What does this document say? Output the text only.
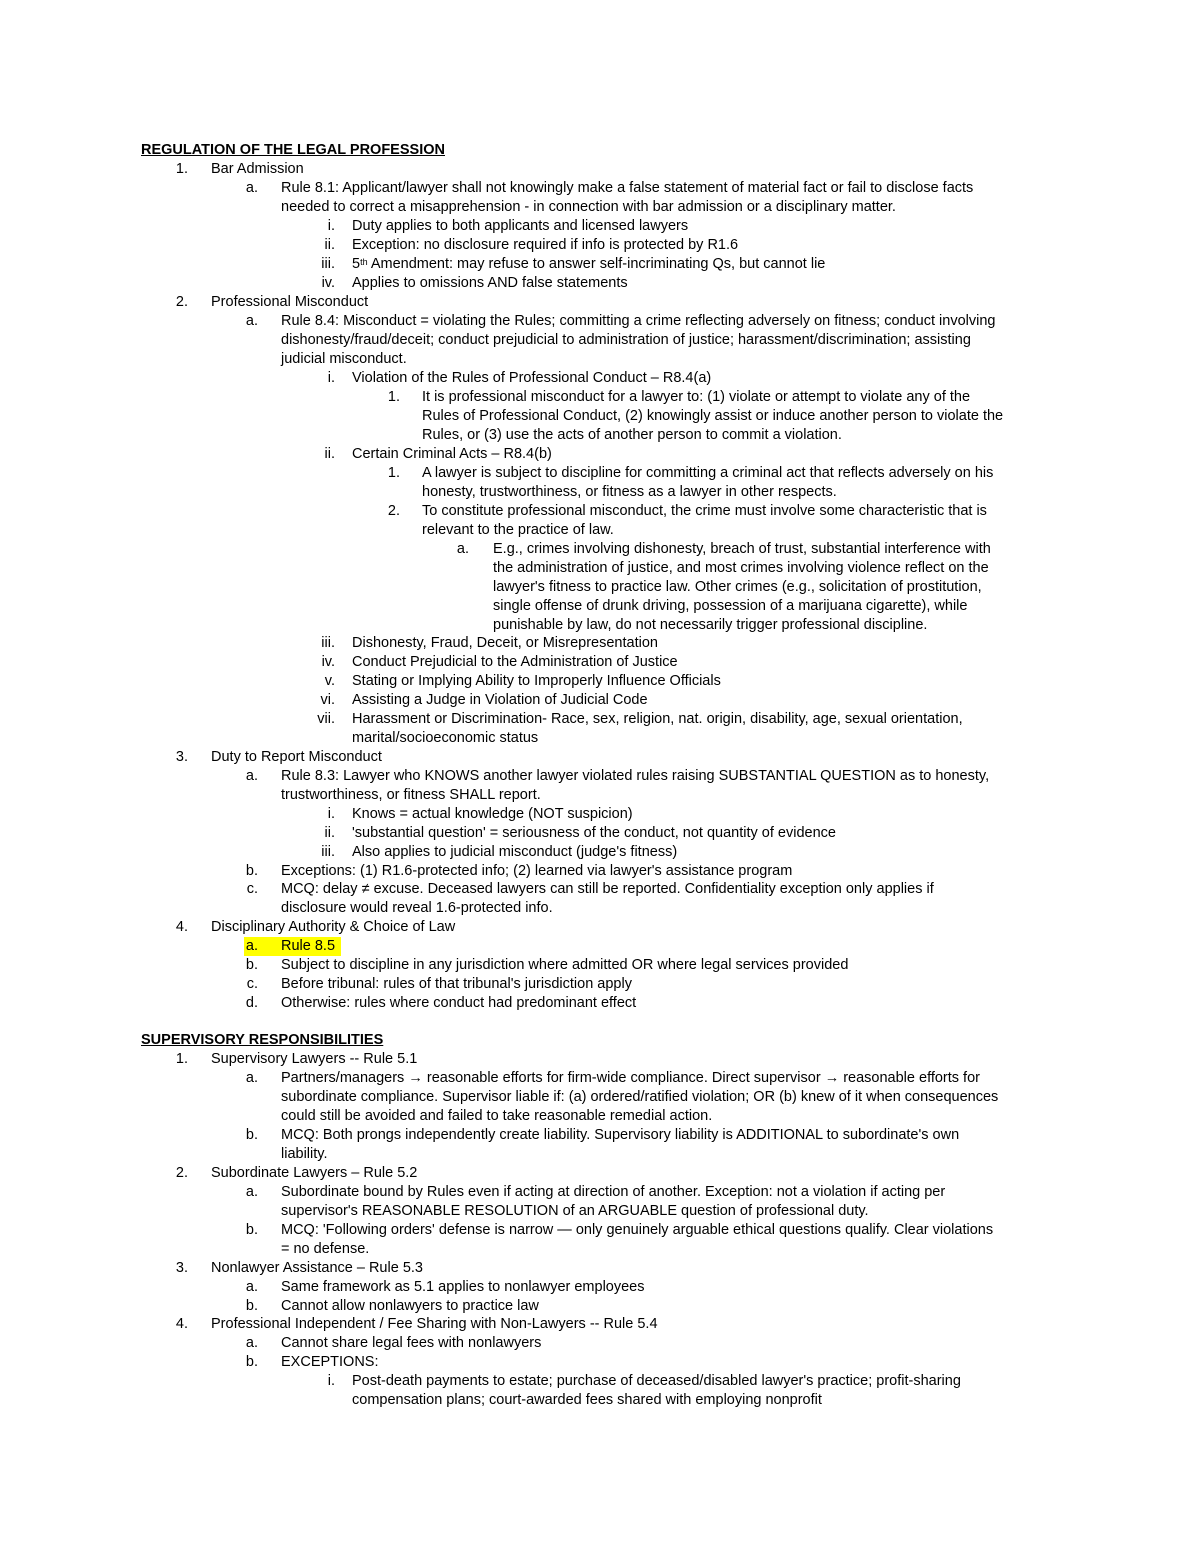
REGULATION OF THE LEGAL PROFESSION
1. Bar Admission
a. Rule 8.1: Applicant/lawyer shall not knowingly make a false statement of material fact or fail to disclose facts
needed to correct a misapprehension - in connection with bar admission or a disciplinary matter.
i. Duty applies to both applicants and licensed lawyers
ii. Exception: no disclosure required if info is protected by R1.6
iii. 5th Amendment: may refuse to answer self-incriminating Qs, but cannot lie
iv. Applies to omissions AND false statements
2. Professional Misconduct
a. Rule 8.4: Misconduct = violating the Rules; committing a crime reflecting adversely on fitness; conduct involving
dishonesty/fraud/deceit; conduct prejudicial to administration of justice; harassment/discrimination; assisting
judicial misconduct.
i. Violation of the Rules of Professional Conduct – R8.4(a)
1. It is professional misconduct for a lawyer to: (1) violate or attempt to violate any of the
Rules of Professional Conduct, (2) knowingly assist or induce another person to violate the
Rules, or (3) use the acts of another person to commit a violation.
ii. Certain Criminal Acts – R8.4(b)
1. A lawyer is subject to discipline for committing a criminal act that reflects adversely on his
honesty, trustworthiness, or fitness as a lawyer in other respects.
2. To constitute professional misconduct, the crime must involve some characteristic that is
relevant to the practice of law.
a. E.g., crimes involving dishonesty, breach of trust, substantial interference with
the administration of justice, and most crimes involving violence reflect on the
lawyer's fitness to practice law. Other crimes (e.g., solicitation of prostitution,
single offense of drunk driving, possession of a marijuana cigarette), while
punishable by law, do not necessarily trigger professional discipline.
iii. Dishonesty, Fraud, Deceit, or Misrepresentation
iv. Conduct Prejudicial to the Administration of Justice
v. Stating or Implying Ability to Improperly Influence Officials
vi. Assisting a Judge in Violation of Judicial Code
vii. Harassment or Discrimination- Race, sex, religion, nat. origin, disability, age, sexual orientation,
marital/socioeconomic status
3. Duty to Report Misconduct
a. Rule 8.3: Lawyer who KNOWS another lawyer violated rules raising SUBSTANTIAL QUESTION as to honesty,
trustworthiness, or fitness SHALL report.
i. Knows = actual knowledge (NOT suspicion)
ii. 'substantial question' = seriousness of the conduct, not quantity of evidence
iii. Also applies to judicial misconduct (judge's fitness)
b. Exceptions: (1) R1.6-protected info; (2) learned via lawyer's assistance program
c. MCQ: delay ≠ excuse. Deceased lawyers can still be reported. Confidentiality exception only applies if
disclosure would reveal 1.6-protected info.
4. Disciplinary Authority & Choice of Law
a. Rule 8.5
b. Subject to discipline in any jurisdiction where admitted OR where legal services provided
c. Before tribunal: rules of that tribunal's jurisdiction apply
d. Otherwise: rules where conduct had predominant effect
SUPERVISORY RESPONSIBILITIES
1. Supervisory Lawyers -- Rule 5.1
a. Partners/managers → reasonable efforts for firm-wide compliance. Direct supervisor → reasonable efforts for
subordinate compliance. Supervisor liable if: (a) ordered/ratified violation; OR (b) knew of it when consequences
could still be avoided and failed to take reasonable remedial action.
b. MCQ: Both prongs independently create liability. Supervisory liability is ADDITIONAL to subordinate's own
liability.
2. Subordinate Lawyers – Rule 5.2
a. Subordinate bound by Rules even if acting at direction of another. Exception: not a violation if acting per
supervisor's REASONABLE RESOLUTION of an ARGUABLE question of professional duty.
b. MCQ: 'Following orders' defense is narrow — only genuinely arguable ethical questions qualify. Clear violations
= no defense.
3. Nonlawyer Assistance – Rule 5.3
a. Same framework as 5.1 applies to nonlawyer employees
b. Cannot allow nonlawyers to practice law
4. Professional Independent / Fee Sharing with Non-Lawyers -- Rule 5.4
a. Cannot share legal fees with nonlawyers
b. EXCEPTIONS:
i. Post-death payments to estate; purchase of deceased/disabled lawyer's practice; profit-sharing
compensation plans; court-awarded fees shared with employing nonprofit
